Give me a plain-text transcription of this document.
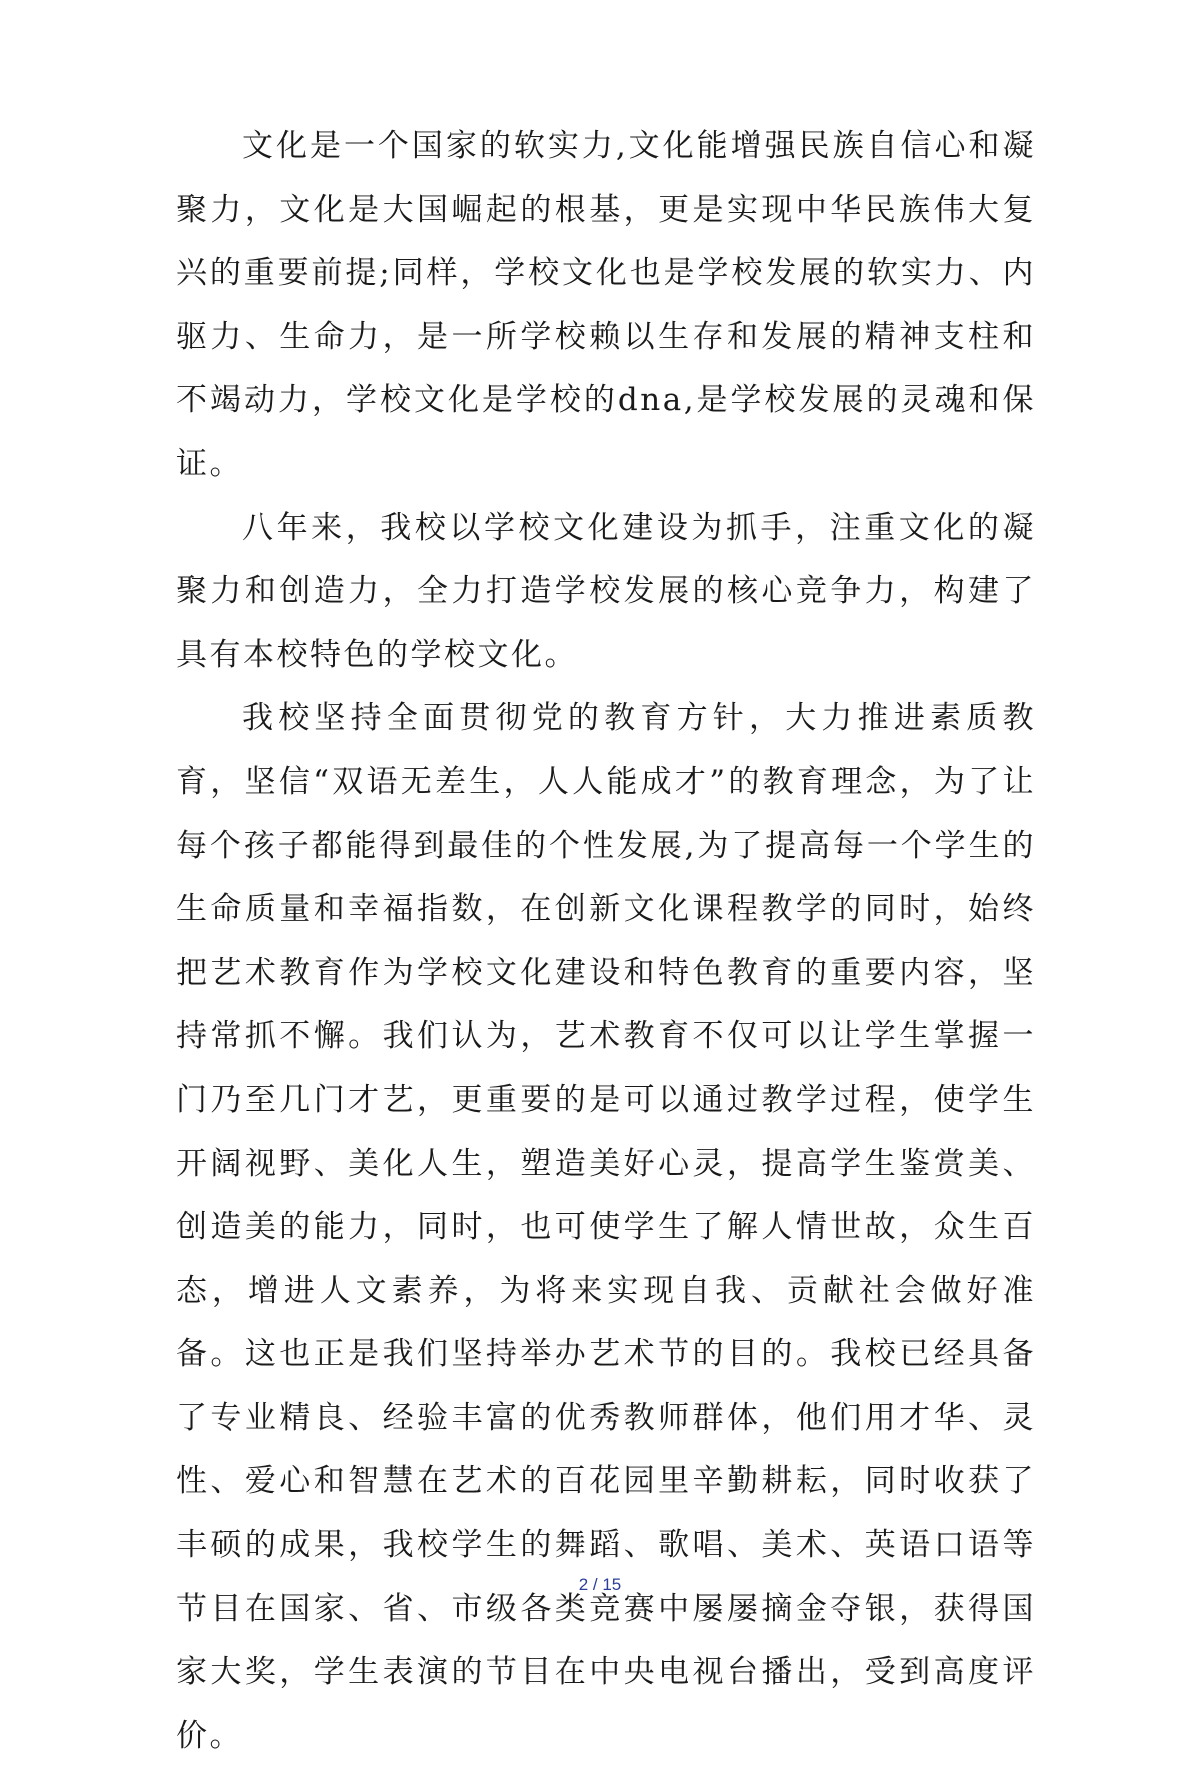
文化是一个国家的软实力,文化能增强民族自信心和凝聚力，文化是大国崛起的根基，更是实现中华民族伟大复兴的重要前提;同样，学校文化也是学校发展的软实力、内驱力、生命力，是一所学校赖以生存和发展的精神支柱和不竭动力，学校文化是学校的dna,是学校发展的灵魂和保证。

八年来，我校以学校文化建设为抓手，注重文化的凝聚力和创造力，全力打造学校发展的核心竞争力，构建了具有本校特色的学校文化。

我校坚持全面贯彻党的教育方针，大力推进素质教育，坚信“双语无差生，人人能成才”的教育理念，为了让每个孩子都能得到最佳的个性发展,为了提高每一个学生的生命质量和幸福指数，在创新文化课程教学的同时，始终把艺术教育作为学校文化建设和特色教育的重要内容，坚持常抓不懈。我们认为，艺术教育不仅可以让学生掌握一门乃至几门才艺，更重要的是可以通过教学过程，使学生开阔视野、美化人生，塑造美好心灵，提高学生鉴赏美、创造美的能力，同时，也可使学生了解人情世故，众生百态，增进人文素养，为将来实现自我、贡献社会做好准备。这也正是我们坚持举办艺术节的目的。我校已经具备了专业精良、经验丰富的优秀教师群体，他们用才华、灵性、爱心和智慧在艺术的百花园里辛勤耕耘，同时收获了丰硕的成果，我校学生的舞蹈、歌唱、美术、英语口语等节目在国家、省、市级各类竞赛中屡屡摘金夺银，获得国家大奖，学生表演的节目在中央电视台播出，受到高度评价。

2 / 15
